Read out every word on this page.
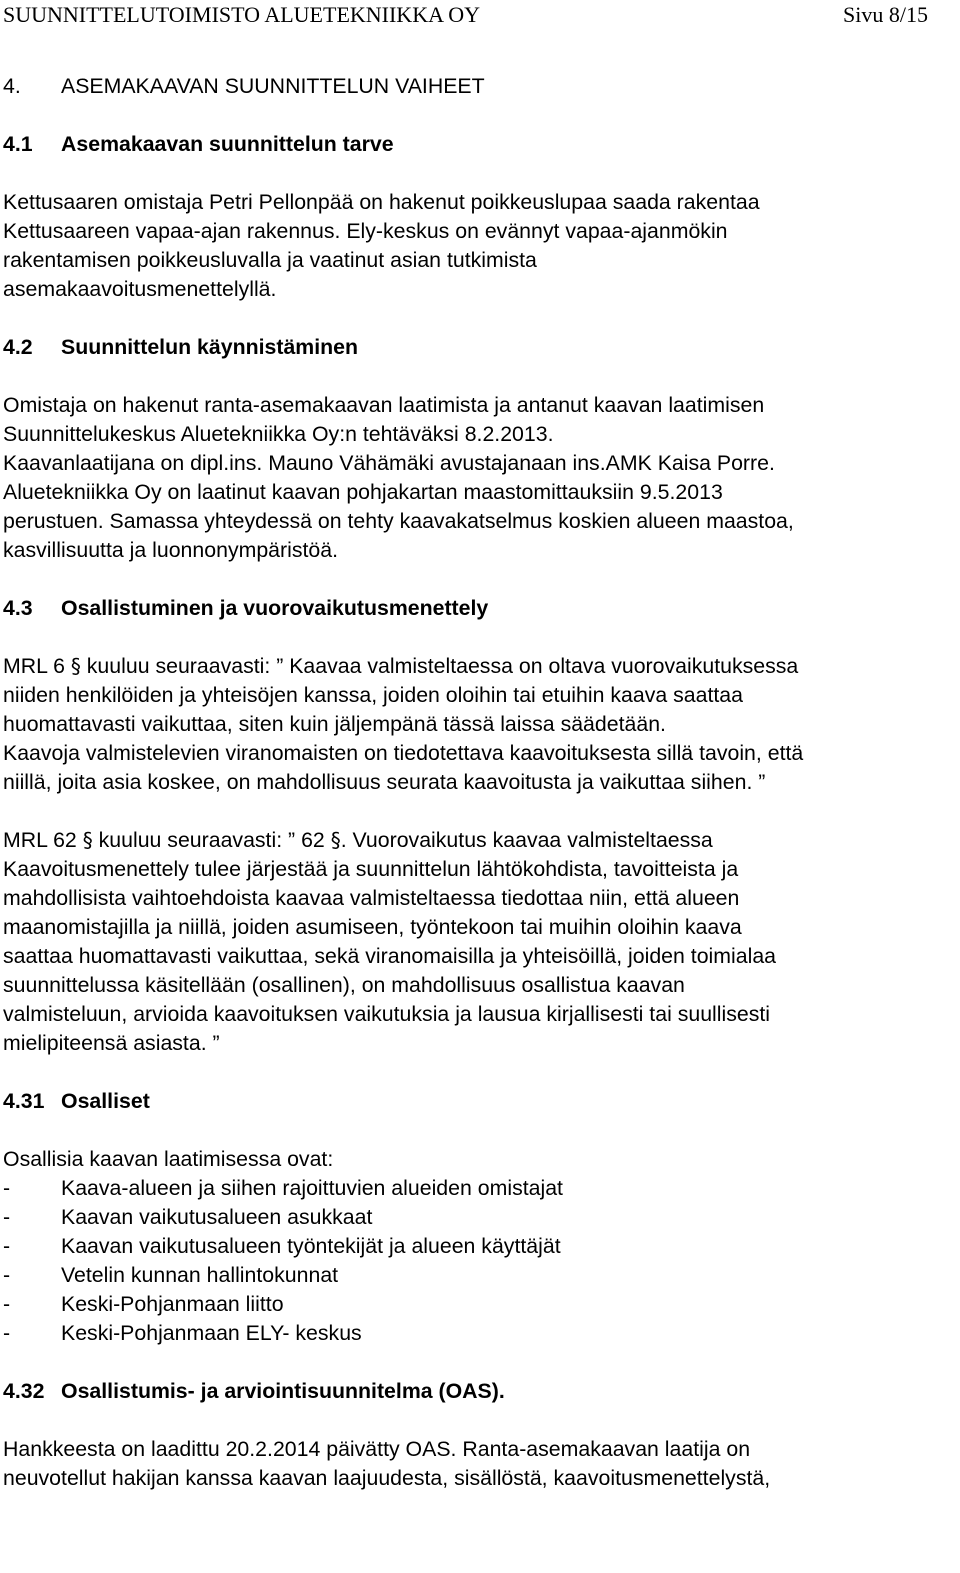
SUUNNITTELUTOIMISTO ALUETEKNIIKKA OY	Sivu 8/15

4. ASEMAKAAVAN SUUNNITTELUN VAIHEET

4.1 Asemakaavan suunnittelun tarve

Kettusaaren omistaja Petri Pellonpää on hakenut poikkeuslupaa saada rakentaa

Kettusaareen vapaa-ajan rakennus. Ely-keskus on evännyt vapaa-ajanmökin

rakentamisen poikkeusluvalla ja vaatinut asian tutkimista

asemakaavoitusmenettelyllä.

4.2 Suunnittelun käynnistäminen

Omistaja on hakenut ranta-asemakaavan laatimista ja antanut kaavan laatimisen

Suunnittelukeskus Aluetekniikka Oy:n tehtäväksi 8.2.2013.

Kaavanlaatijana on dipl.ins. Mauno Vähämäki avustajanaan ins.AMK Kaisa Porre.

Aluetekniikka Oy on laatinut kaavan pohjakartan maastomittauksiin 9.5.2013

perustuen. Samassa yhteydessä on tehty kaavakatselmus koskien alueen maastoa,

kasvillisuutta ja luonnonympäristöä.

4.3 Osallistuminen ja vuorovaikutusmenettely

MRL 6 § kuuluu seuraavasti: ” Kaavaa valmisteltaessa on oltava vuorovaikutuksessa

niiden henkilöiden ja yhteisöjen kanssa, joiden oloihin tai etuihin kaava saattaa

huomattavasti vaikuttaa, siten kuin jäljempänä tässä laissa säädetään.

Kaavoja valmistelevien viranomaisten on tiedotettava kaavoituksesta sillä tavoin, että

niillä, joita asia koskee, on mahdollisuus seurata kaavoitusta ja vaikuttaa siihen. ”

MRL 62 § kuuluu seuraavasti: ” 62 §. Vuorovaikutus kaavaa valmisteltaessa

Kaavoitusmenettely tulee järjestää ja suunnittelun lähtökohdista, tavoitteista ja

mahdollisista vaihtoehdoista kaavaa valmisteltaessa tiedottaa niin, että alueen

maanomistajilla ja niillä, joiden asumiseen, työntekoon tai muihin oloihin kaava

saattaa huomattavasti vaikuttaa, sekä viranomaisilla ja yhteisöillä, joiden toimialaa

suunnittelussa käsitellään (osallinen), on mahdollisuus osallistua kaavan

valmisteluun, arvioida kaavoituksen vaikutuksia ja lausua kirjallisesti tai suullisesti

mielipiteensä asiasta. ”

4.31 Osalliset

Osallisia kaavan laatimisessa ovat:

- Kaava-alueen ja siihen rajoittuvien alueiden omistajat
- Kaavan vaikutusalueen asukkaat
- Kaavan vaikutusalueen työntekijät ja alueen käyttäjät
- Vetelin kunnan hallintokunnat
- Keski-Pohjanmaan liitto
- Keski-Pohjanmaan ELY- keskus

4.32 Osallistumis- ja arviointisuunnitelma (OAS).

Hankkeesta on laadittu 20.2.2014 päivätty OAS. Ranta-asemakaavan laatija on

neuvotellut hakijan kanssa kaavan laajuudesta, sisällöstä, kaavoitusmenettelystä,
